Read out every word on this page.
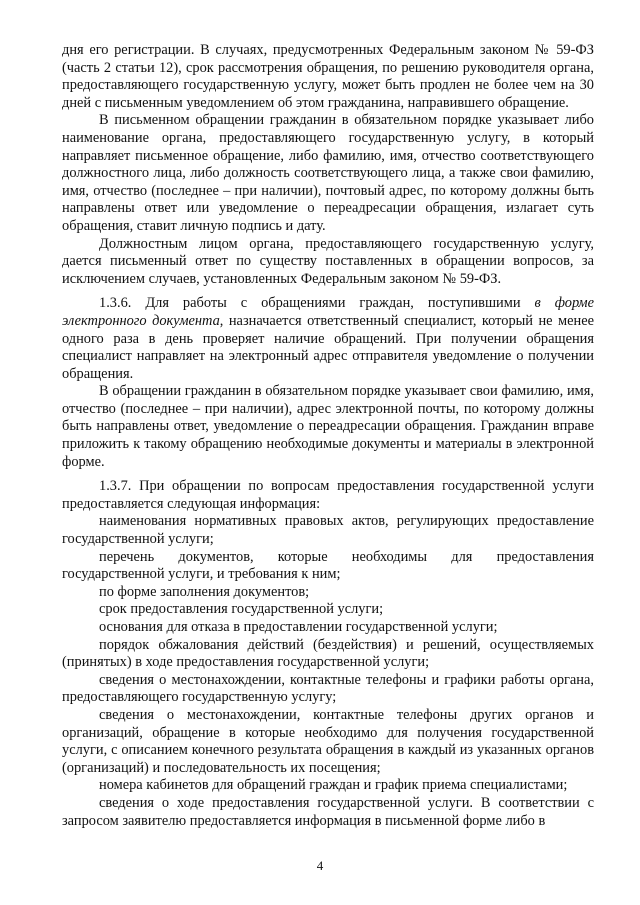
дня его регистрации. В случаях, предусмотренных Федеральным законом № 59-ФЗ (часть 2 статьи 12), срок рассмотрения обращения, по решению руководителя органа, предоставляющего государственную услугу, может быть продлен не более чем на 30 дней с письменным уведомлением об этом гражданина, направившего обращение.

В письменном обращении гражданин в обязательном порядке указывает либо наименование органа, предоставляющего государственную услугу, в который направляет письменное обращение, либо фамилию, имя, отчество соответствующего должностного лица, либо должность соответствующего лица, а также свои фамилию, имя, отчество (последнее – при наличии), почтовый адрес, по которому должны быть направлены ответ или уведомление о переадресации обращения, излагает суть обращения, ставит личную подпись и дату.

Должностным лицом органа, предоставляющего государственную услугу, дается письменный ответ по существу поставленных в обращении вопросов, за исключением случаев, установленных Федеральным законом № 59-ФЗ.

1.3.6. Для работы с обращениями граждан, поступившими в форме электронного документа, назначается ответственный специалист, который не менее одного раза в день проверяет наличие обращений. При получении обращения специалист направляет на электронный адрес отправителя уведомление о получении обращения.

В обращении гражданин в обязательном порядке указывает свои фамилию, имя, отчество (последнее – при наличии), адрес электронной почты, по которому должны быть направлены ответ, уведомление о переадресации обращения. Гражданин вправе приложить к такому обращению необходимые документы и материалы в электронной форме.

1.3.7. При обращении по вопросам предоставления государственной услуги предоставляется следующая информация:

наименования нормативных правовых актов, регулирующих предоставление государственной услуги;

перечень документов, которые необходимы для предоставления государственной услуги, и требования к ним;

по форме заполнения документов;

срок предоставления государственной услуги;

основания для отказа в предоставлении государственной услуги;

порядок обжалования действий (бездействия) и решений, осуществляемых (принятых) в ходе предоставления государственной услуги;

сведения о местонахождении, контактные телефоны и графики работы органа, предоставляющего государственную услугу;

сведения о местонахождении, контактные телефоны других органов и организаций, обращение в которые необходимо для получения государственной услуги, с описанием конечного результата обращения в каждый из указанных органов (организаций) и последовательность их посещения;

номера кабинетов для обращений граждан и график приема специалистами;

сведения о ходе предоставления государственной услуги. В соответствии с запросом заявителю предоставляется информация в письменной форме либо в

4
